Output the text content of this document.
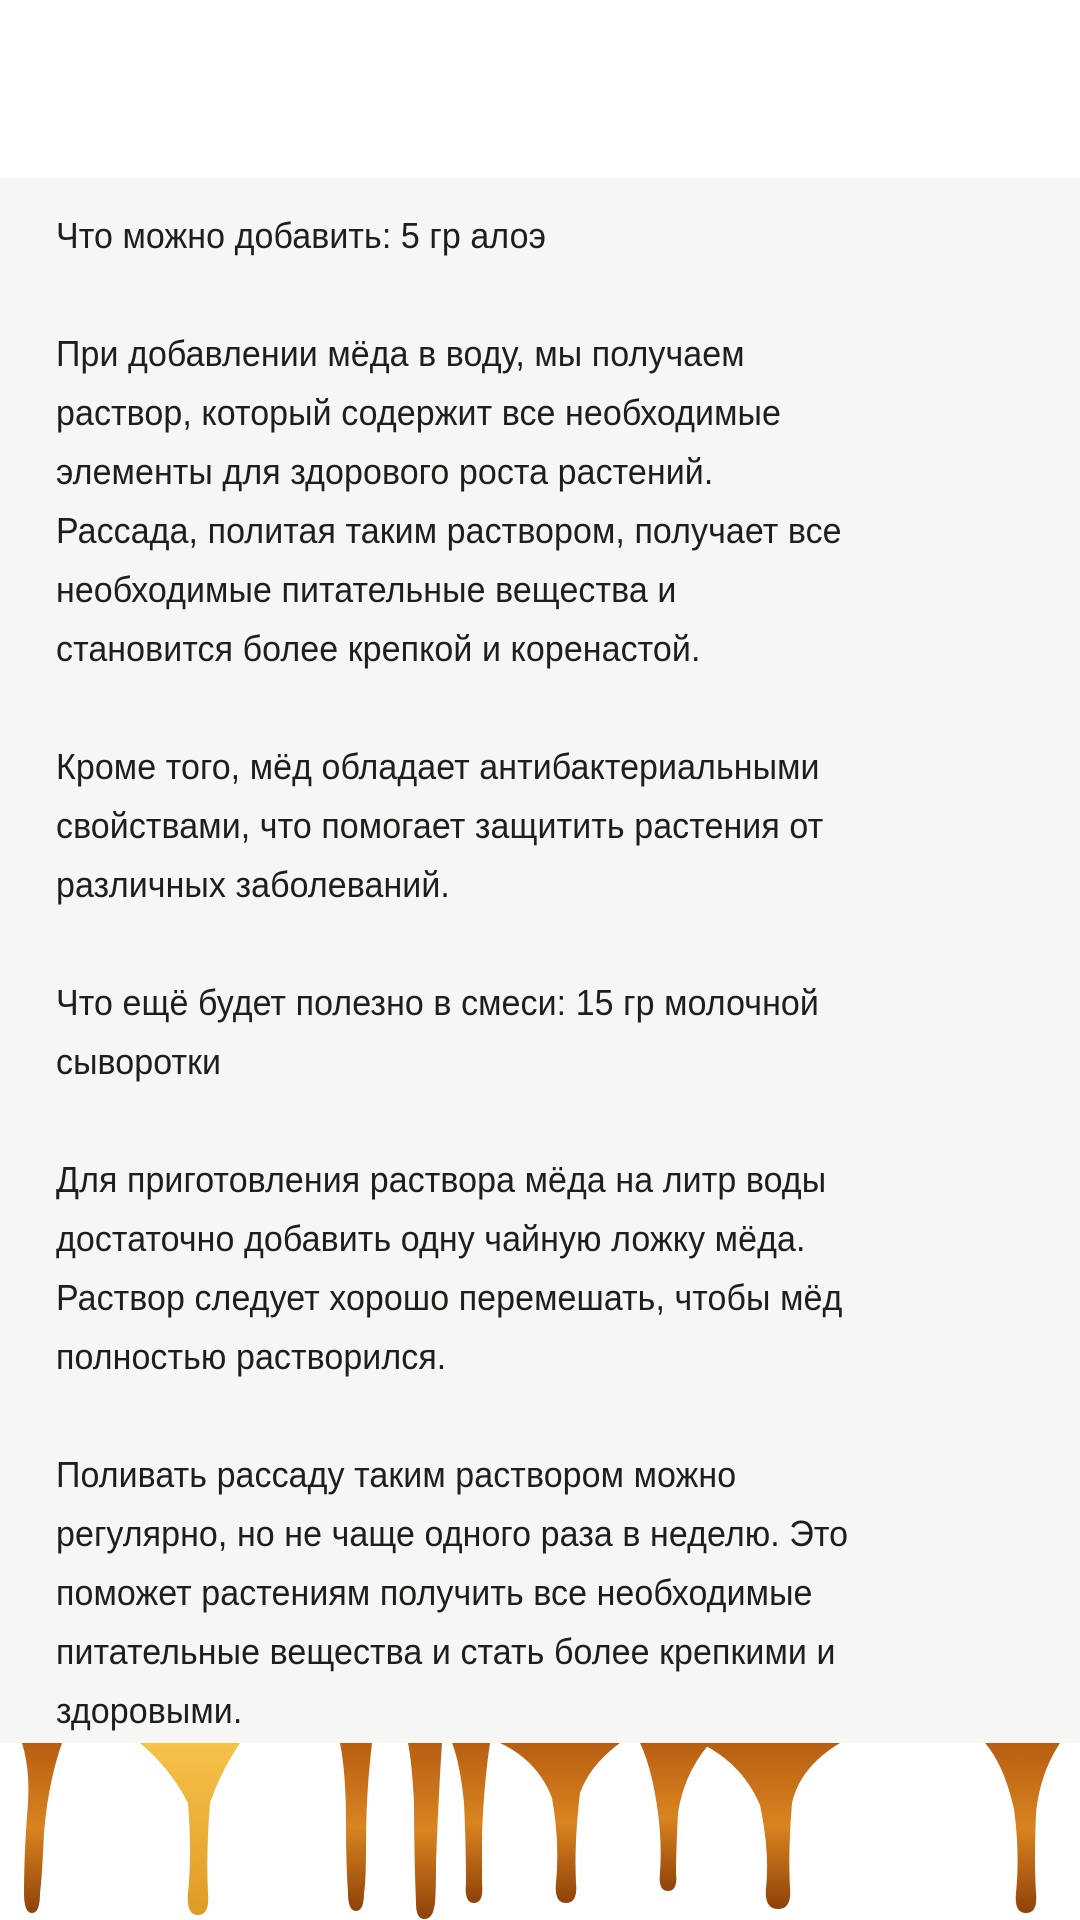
Что можно добавить: 5 гр алоэ

При добавлении мёда в воду, мы получаем
раствор, который содержит все необходимые
элементы для здорового роста растений.
Рассада, политая таким раствором, получает все
необходимые питательные вещества и
становится более крепкой и коренастой.

Кроме того, мёд обладает антибактериальными
свойствами, что помогает защитить растения от
различных заболеваний.

Что ещё будет полезно в смеси: 15 гр молочной
сыворотки

Для приготовления раствора мёда на литр воды
достаточно добавить одну чайную ложку мёда.
Раствор следует хорошо перемешать, чтобы мёд
полностью растворился.

Поливать рассаду таким раствором можно
регулярно, но не чаще одного раза в неделю. Это
поможет растениям получить все необходимые
питательные вещества и стать более крепкими и
здоровыми.
